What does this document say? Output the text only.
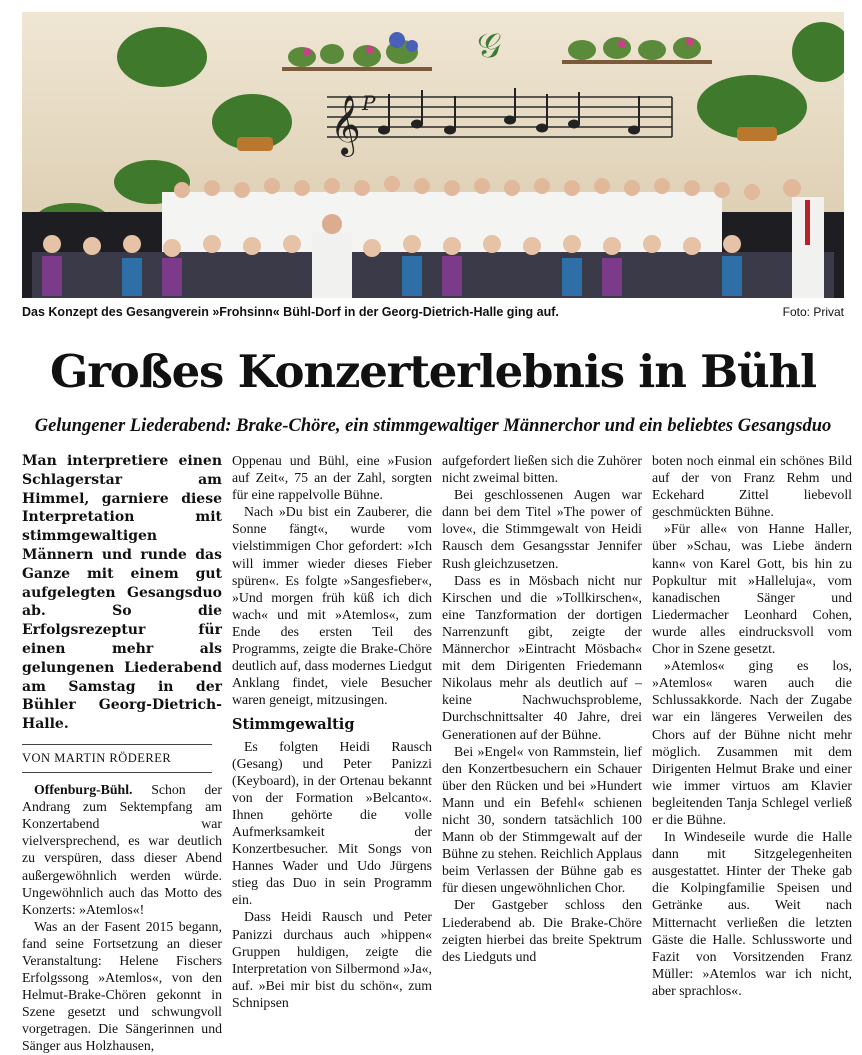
𝒢
𝄞 P
Das Konzept des Gesangverein »Frohsinn« Bühl-Dorf in der Georg-Dietrich-Halle ging auf.	Foto: Privat
Großes Konzerterlebnis in Bühl
Gelungener Liederabend: Brake-Chöre, ein stimmgewaltiger Männerchor und ein beliebtes Gesangsduo

Man interpretiere einen Schlagerstar am Himmel, garniere diese Interpretation mit stimmgewaltigen Männern und runde das Ganze mit einem gut aufgelegten Gesangsduo ab. So die Erfolgsrezeptur für einen mehr als gelungenen Liederabend am Samstag in der Bühler Georg-Dietrich-Halle.

VON MARTIN RÖDERER

Offenburg-Bühl. Schon der Andrang zum Sektempfang am Konzertabend war vielversprechend, es war deutlich zu verspüren, dass dieser Abend außergewöhnlich werden würde. Ungewöhnlich auch das Motto des Konzerts: »Atemlos«!

Was an der Fasent 2015 begann, fand seine Fortsetzung an dieser Veranstaltung: Helene Fischers Erfolgssong »Atemlos«, von den Helmut-Brake-Chören gekonnt in Szene gesetzt und schwungvoll vorgetragen. Die Sängerinnen und Sänger aus Holzhausen,

Oppenau und Bühl, eine »Fusion auf Zeit«, 75 an der Zahl, sorgten für eine rappelvolle Bühne.

Nach »Du bist ein Zauberer, die Sonne fängt«, wurde vom vielstimmigen Chor gefordert: »Ich will immer wieder dieses Fieber spüren«. Es folgte »Sangesfieber«, »Und morgen früh küß ich dich wach« und mit »Atemlos«, zum Ende des ersten Teil des Programms, zeigte die Brake-Chöre deutlich auf, dass modernes Liedgut Anklang findet, viele Besucher waren geneigt, mitzusingen.

Stimmgewaltig

Es folgten Heidi Rausch (Gesang) und Peter Panizzi (Keyboard), in der Ortenau bekannt von der Formation »Belcanto«. Ihnen gehörte die volle Aufmerksamkeit der Konzertbesucher. Mit Songs von Hannes Wader und Udo Jürgens stieg das Duo in sein Programm ein.

Dass Heidi Rausch und Peter Panizzi durchaus auch »hippen« Gruppen huldigen, zeigte die Interpretation von Silbermond »Ja«, auf. »Bei mir bist du schön«, zum Schnipsen

aufgefordert ließen sich die Zuhörer nicht zweimal bitten.

Bei geschlossenen Augen war dann bei dem Titel »The power of love«, die Stimmgewalt von Heidi Rausch dem Gesangsstar Jennifer Rush gleichzusetzen.

Dass es in Mösbach nicht nur Kirschen und die »Tollkirschen«, eine Tanzformation der dortigen Narrenzunft gibt, zeigte der Männerchor »Eintracht Mösbach« mit dem Dirigenten Friedemann Nikolaus mehr als deutlich auf – keine Nachwuchsprobleme, Durchschnittsalter 40 Jahre, drei Generationen auf der Bühne.

Bei »Engel« von Rammstein, lief den Konzertbesuchern ein Schauer über den Rücken und bei »Hundert Mann und ein Befehl« schienen nicht 30, sondern tatsächlich 100 Mann ob der Stimmgewalt auf der Bühne zu stehen. Reichlich Applaus beim Verlassen der Bühne gab es für diesen ungewöhnlichen Chor.

Der Gastgeber schloss den Liederabend ab. Die Brake-Chöre zeigten hierbei das breite Spektrum des Liedguts und

boten noch einmal ein schönes Bild auf der von Franz Rehm und Eckehard Zittel liebevoll geschmückten Bühne.

»Für alle« von Hanne Haller, über »Schau, was Liebe ändern kann« von Karel Gott, bis hin zu Popkultur mit »Halleluja«, vom kanadischen Sänger und Liedermacher Leonhard Cohen, wurde alles eindrucksvoll vom Chor in Szene gesetzt.

»Atemlos« ging es los, »Atemlos« waren auch die Schlussakkorde. Nach der Zugabe war ein längeres Verweilen des Chors auf der Bühne nicht mehr möglich. Zusammen mit dem Dirigenten Helmut Brake und einer wie immer virtuos am Klavier begleitenden Tanja Schlegel verließ er die Bühne.

In Windeseile wurde die Halle dann mit Sitzgelegenheiten ausgestattet. Hinter der Theke gab die Kolpingfamilie Speisen und Getränke aus. Weit nach Mitternacht verließen die letzten Gäste die Halle. Schlussworte und Fazit von Vorsitzenden Franz Müller: »Atemlos war ich nicht, aber sprachlos«.
